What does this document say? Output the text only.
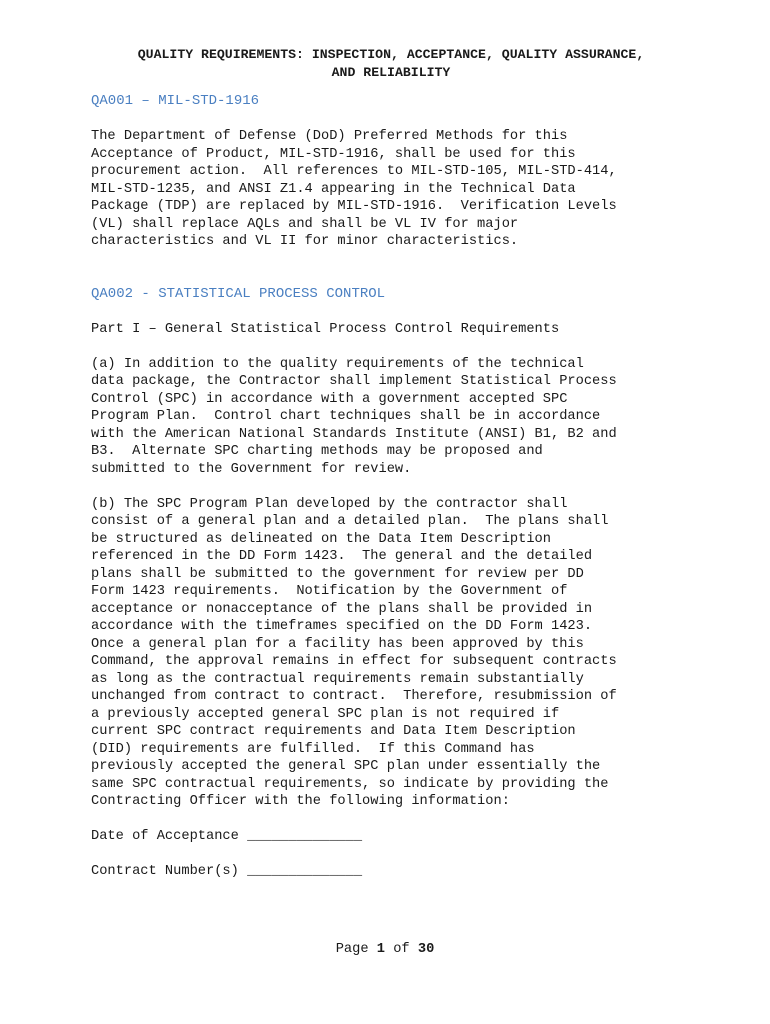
QUALITY REQUIREMENTS: INSPECTION, ACCEPTANCE, QUALITY ASSURANCE,
AND RELIABILITY
QA001 – MIL-STD-1916
The Department of Defense (DoD) Preferred Methods for this
Acceptance of Product, MIL-STD-1916, shall be used for this
procurement action.  All references to MIL-STD-105, MIL-STD-414,
MIL-STD-1235, and ANSI Z1.4 appearing in the Technical Data
Package (TDP) are replaced by MIL-STD-1916.  Verification Levels
(VL) shall replace AQLs and shall be VL IV for major
characteristics and VL II for minor characteristics.
QA002 - STATISTICAL PROCESS CONTROL
Part I – General Statistical Process Control Requirements
(a) In addition to the quality requirements of the technical
data package, the Contractor shall implement Statistical Process
Control (SPC) in accordance with a government accepted SPC
Program Plan.  Control chart techniques shall be in accordance
with the American National Standards Institute (ANSI) B1, B2 and
B3.  Alternate SPC charting methods may be proposed and
submitted to the Government for review.
(b) The SPC Program Plan developed by the contractor shall
consist of a general plan and a detailed plan.  The plans shall
be structured as delineated on the Data Item Description
referenced in the DD Form 1423.  The general and the detailed
plans shall be submitted to the government for review per DD
Form 1423 requirements.  Notification by the Government of
acceptance or nonacceptance of the plans shall be provided in
accordance with the timeframes specified on the DD Form 1423.
Once a general plan for a facility has been approved by this
Command, the approval remains in effect for subsequent contracts
as long as the contractual requirements remain substantially
unchanged from contract to contract.  Therefore, resubmission of
a previously accepted general SPC plan is not required if
current SPC contract requirements and Data Item Description
(DID) requirements are fulfilled.  If this Command has
previously accepted the general SPC plan under essentially the
same SPC contractual requirements, so indicate by providing the
Contracting Officer with the following information:
Date of Acceptance ______________
Contract Number(s) ______________
Page 1 of 30
